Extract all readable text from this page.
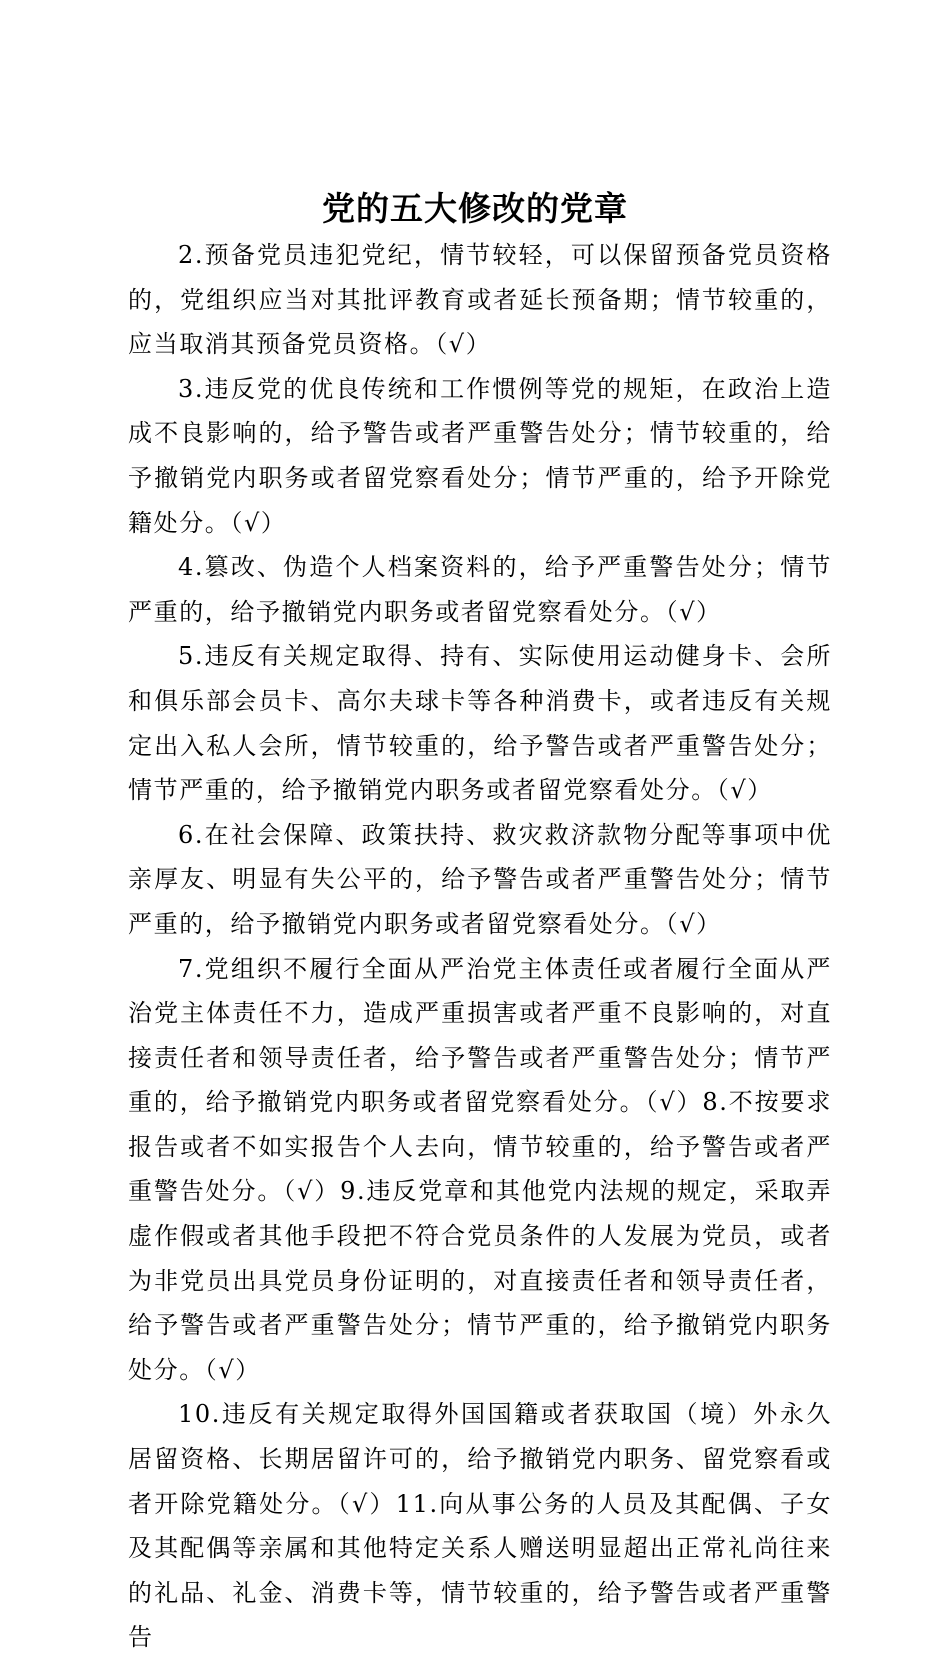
党的五大修改的党章

2.预备党员违犯党纪，情节较轻，可以保留预备党员资格的，党组织应当对其批评教育或者延长预备期；情节较重的，应当取消其预备党员资格。（√）

3.违反党的优良传统和工作惯例等党的规矩，在政治上造成不良影响的，给予警告或者严重警告处分；情节较重的，给予撤销党内职务或者留党察看处分；情节严重的，给予开除党籍处分。（√）

4.篡改、伪造个人档案资料的，给予严重警告处分；情节严重的，给予撤销党内职务或者留党察看处分。（√）

5.违反有关规定取得、持有、实际使用运动健身卡、会所和俱乐部会员卡、高尔夫球卡等各种消费卡，或者违反有关规定出入私人会所，情节较重的，给予警告或者严重警告处分；情节严重的，给予撤销党内职务或者留党察看处分。（√）

6.在社会保障、政策扶持、救灾救济款物分配等事项中优亲厚友、明显有失公平的，给予警告或者严重警告处分；情节严重的，给予撤销党内职务或者留党察看处分。（√）

7.党组织不履行全面从严治党主体责任或者履行全面从严治党主体责任不力，造成严重损害或者严重不良影响的，对直接责任者和领导责任者，给予警告或者严重警告处分；情节严重的，给予撤销党内职务或者留党察看处分。（√）8.不按要求报告或者不如实报告个人去向，情节较重的，给予警告或者严重警告处分。（√）9.违反党章和其他党内法规的规定，采取弄虚作假或者其他手段把不符合党员条件的人发展为党员，或者为非党员出具党员身份证明的，对直接责任者和领导责任者，给予警告或者严重警告处分；情节严重的，给予撤销党内职务处分。（√）

10.违反有关规定取得外国国籍或者获取国（境）外永久居留资格、长期居留许可的，给予撤销党内职务、留党察看或者开除党籍处分。（√）11.向从事公务的人员及其配偶、子女及其配偶等亲属和其他特定关系人赠送明显超出正常礼尚往来的礼品、礼金、消费卡等，情节较重的，给予警告或者严重警告
